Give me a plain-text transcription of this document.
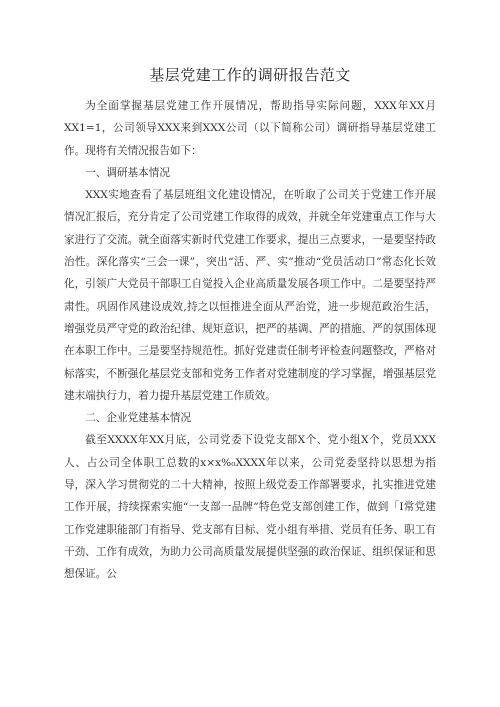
基层党建工作的调研报告范文

为全面掌握基层党建工作开展情况，帮助指导实际问题，XXX年XX月XX1=1，公司领导XXX来到XXX公司（以下简称公司）调研指导基层党建工作。现将有关情况报告如下：

一、调研基本情况

XXX实地查看了基层班组文化建设情况，在听取了公司关于党建工作开展情况汇报后，充分肯定了公司党建工作取得的成效，并就全年党建重点工作与大家进行了交流。就全面落实新时代党建工作要求，提出三点要求，一是要坚持政治性。深化落实“三会一课”，突出“活、严、实”推动“党员活动口”常态化长效化，引领广大党员干部职工自觉投入企业高质量发展各项工作中。二是要坚持严肃性。巩固作风建设成效,持之以恒推进全面从严治党，进一步规范政治生活，增强党员严守党的政治纪律、规矩意识，把严的基调、严的措施、严的氛围体现在本职工作中。三是要坚持规范性。抓好党建责任制考评检查问题整改，严格对标落实，不断强化基层党支部和党务工作者对党建制度的学习掌握，增强基层党建末端执行力，着力提升基层党建工作质效。

二、企业党建基本情况

截至XXXX年XX月底，公司党委下设党支部X个、党小组X个，党员XXX人、占公司全体职工总数的x×x%₀XXXX年以来，公司党委坚持以思想为指导，深入学习贯彻党的二十大精神，按照上级党委工作部署要求，扎实推进党建工作开展，持续探索实施“一支部一品牌”特色党支部创建工作，做到「I常党建工作党建职能部门有指导、党支部有目标、党小组有举措、党员有任务、职工有干劲、工作有成效，为助力公司高质量发展提供坚强的政治保证、组织保证和思想保证。公
